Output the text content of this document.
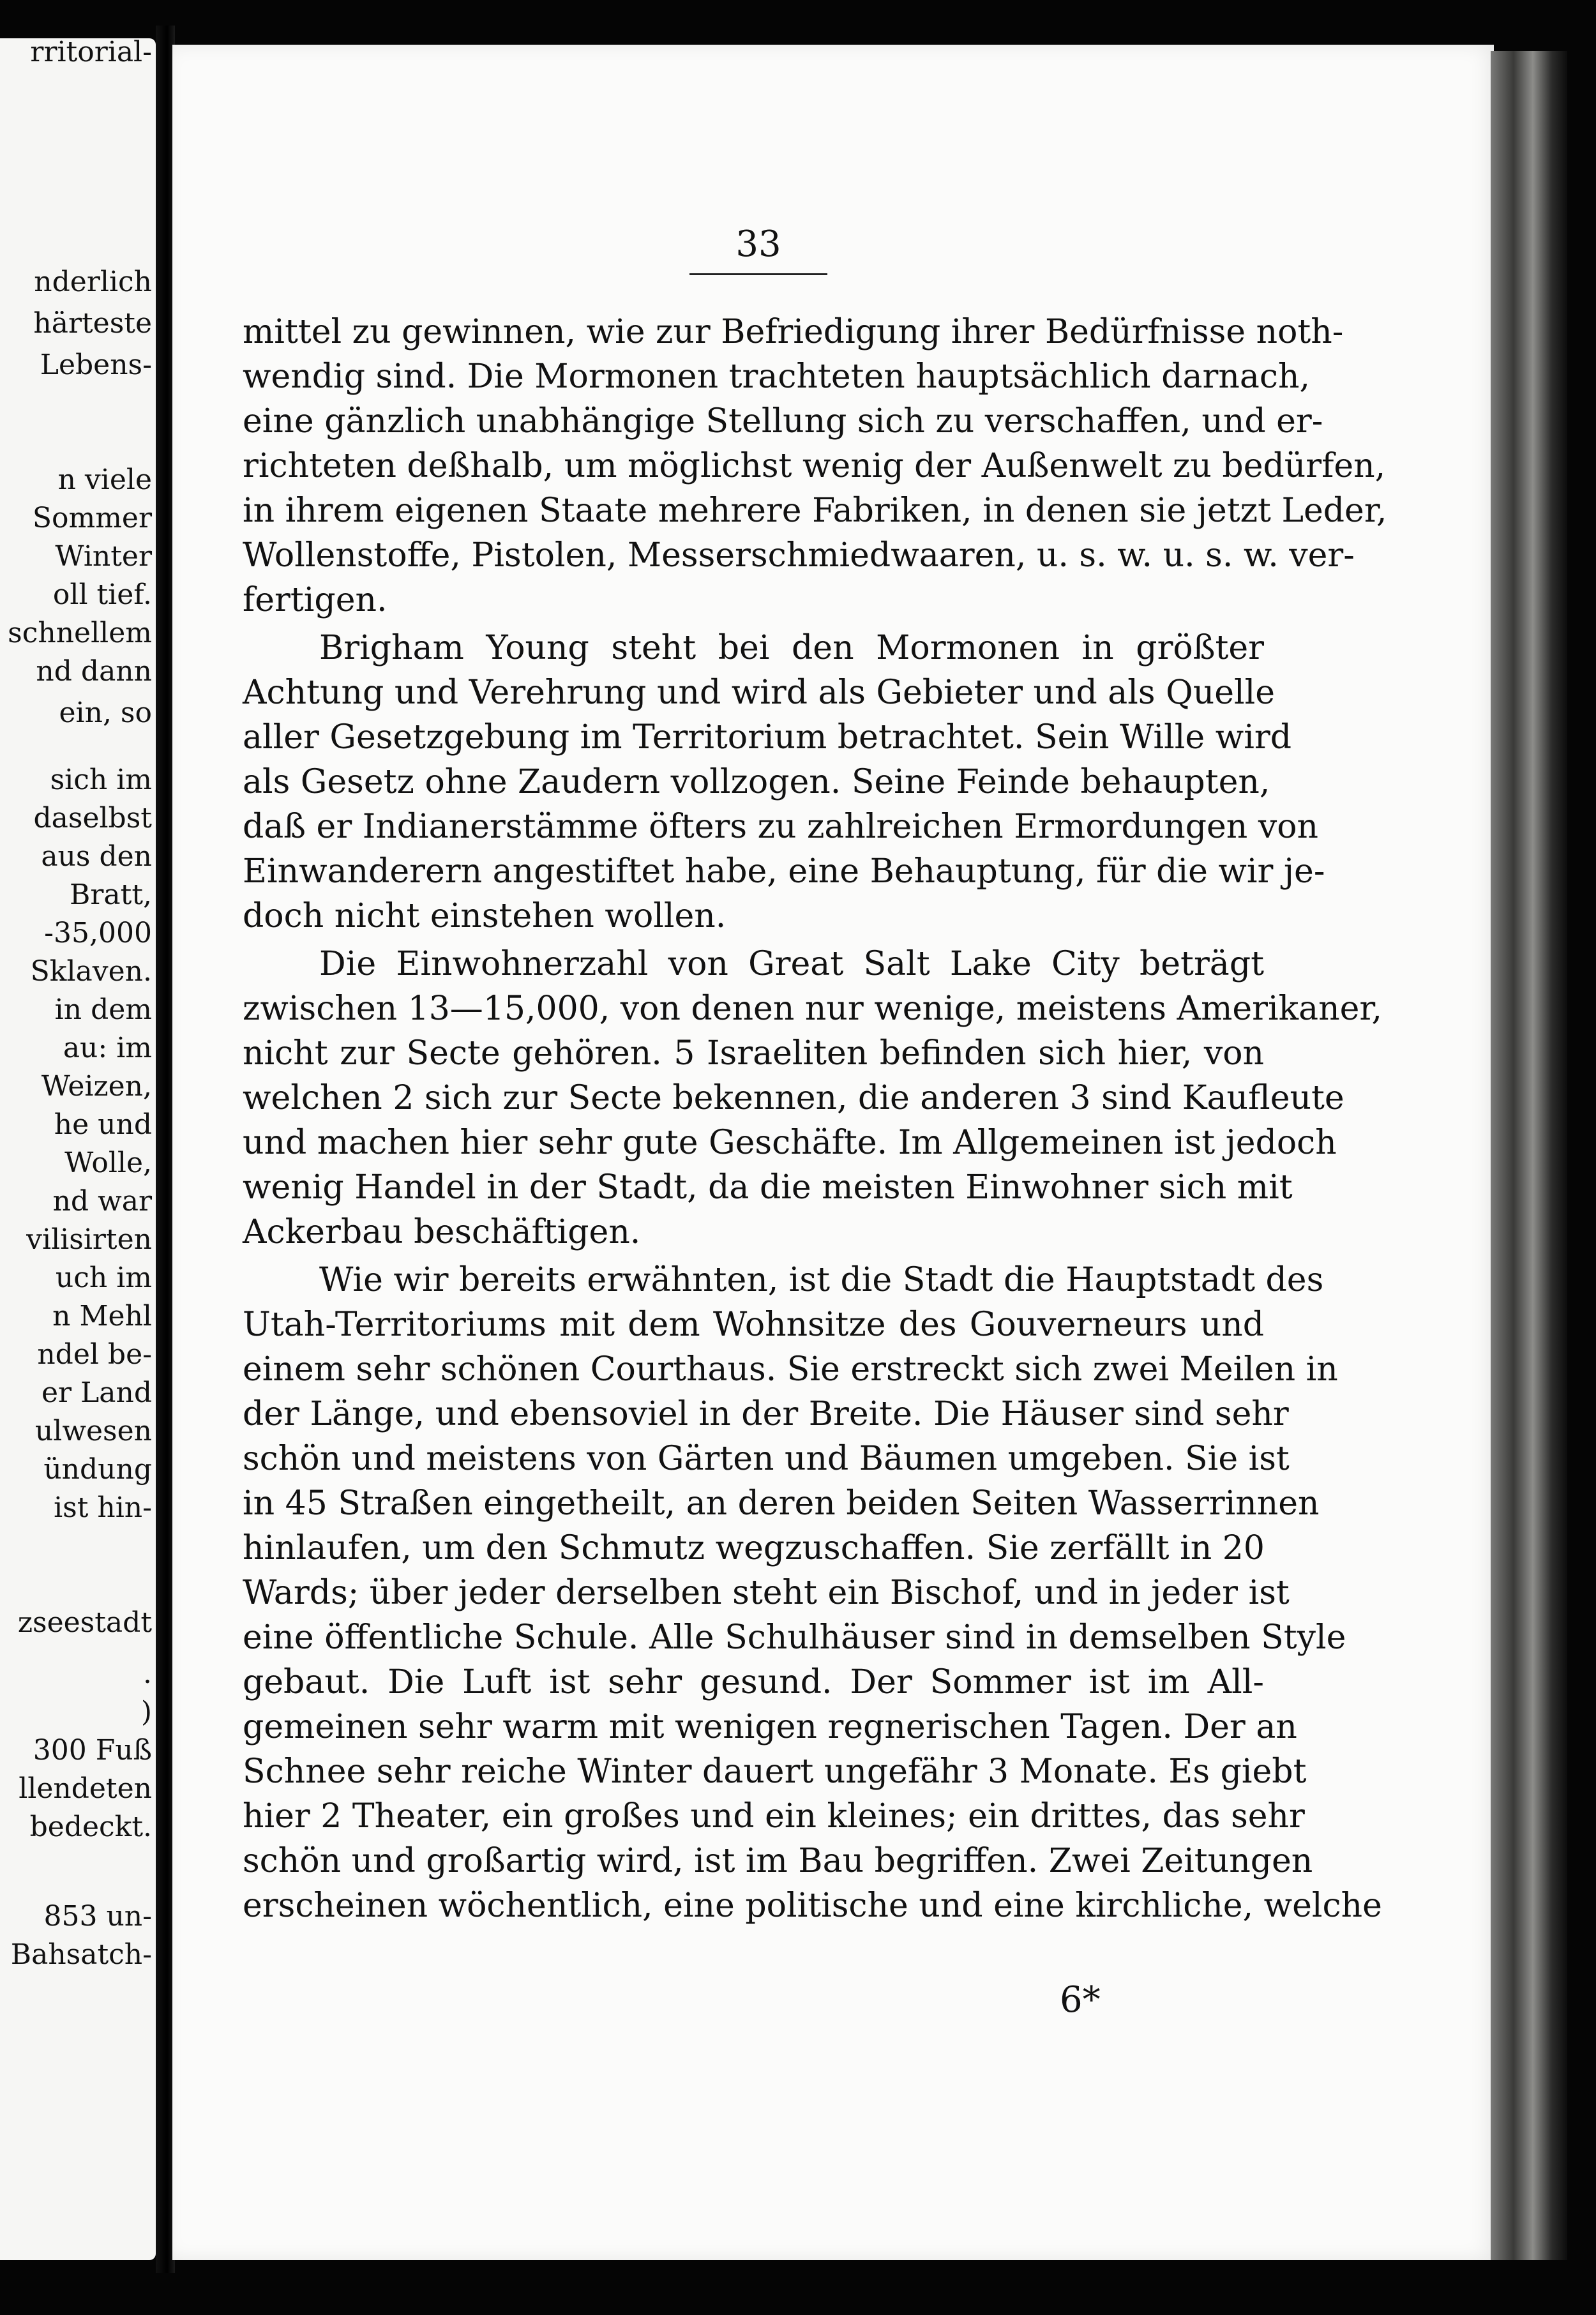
nderlich
härteste
Lebens-
n viele
Sommer
Winter
oll tief.
schnellem
nd dann
ein, so
sich im
daselbst
aus den
Bratt,
-35,000
Sklaven.
in dem
au: im
Weizen,
he und
Wolle,
nd war
vilisirten
uch im
n Mehl
ndel be-
er Land
ulwesen
ündung
ist hin-
zseestadt
.
)
300 Fuß
llendeten
bedeckt.
853 un-
Bahsatch-
rritorial-
33
mittel zu gewinnen, wie zur Befriedigung ihrer Bedürfnisse noth-
wendig sind. Die Mormonen trachteten hauptsächlich darnach,
eine gänzlich unabhängige Stellung sich zu verschaffen, und er-
richteten deßhalb, um möglichst wenig der Außenwelt zu bedürfen,
in ihrem eigenen Staate mehrere Fabriken, in denen sie jetzt Leder,
Wollenstoffe, Pistolen, Messerschmiedwaaren, u. s. w. u. s. w. ver-
fertigen.
Brigham Young steht bei den Mormonen in größter
Achtung und Verehrung und wird als Gebieter und als Quelle
aller Gesetzgebung im Territorium betrachtet. Sein Wille wird
als Gesetz ohne Zaudern vollzogen. Seine Feinde behaupten,
daß er Indianerstämme öfters zu zahlreichen Ermordungen von
Einwanderern angestiftet habe, eine Behauptung, für die wir je-
doch nicht einstehen wollen.
Die Einwohnerzahl von Great Salt Lake City beträgt
zwischen 13—15,000, von denen nur wenige, meistens Amerikaner,
nicht zur Secte gehören. 5 Israeliten befinden sich hier, von
welchen 2 sich zur Secte bekennen, die anderen 3 sind Kaufleute
und machen hier sehr gute Geschäfte. Im Allgemeinen ist jedoch
wenig Handel in der Stadt, da die meisten Einwohner sich mit
Ackerbau beschäftigen.
Wie wir bereits erwähnten, ist die Stadt die Hauptstadt des
Utah-Territoriums mit dem Wohnsitze des Gouverneurs und
einem sehr schönen Courthaus. Sie erstreckt sich zwei Meilen in
der Länge, und ebensoviel in der Breite. Die Häuser sind sehr
schön und meistens von Gärten und Bäumen umgeben. Sie ist
in 45 Straßen eingetheilt, an deren beiden Seiten Wasserrinnen
hinlaufen, um den Schmutz wegzuschaffen. Sie zerfällt in 20
Wards; über jeder derselben steht ein Bischof, und in jeder ist
eine öffentliche Schule. Alle Schulhäuser sind in demselben Style
gebaut. Die Luft ist sehr gesund. Der Sommer ist im All-
gemeinen sehr warm mit wenigen regnerischen Tagen. Der an
Schnee sehr reiche Winter dauert ungefähr 3 Monate. Es giebt
hier 2 Theater, ein großes und ein kleines; ein drittes, das sehr
schön und großartig wird, ist im Bau begriffen. Zwei Zeitungen
erscheinen wöchentlich, eine politische und eine kirchliche, welche
6*
